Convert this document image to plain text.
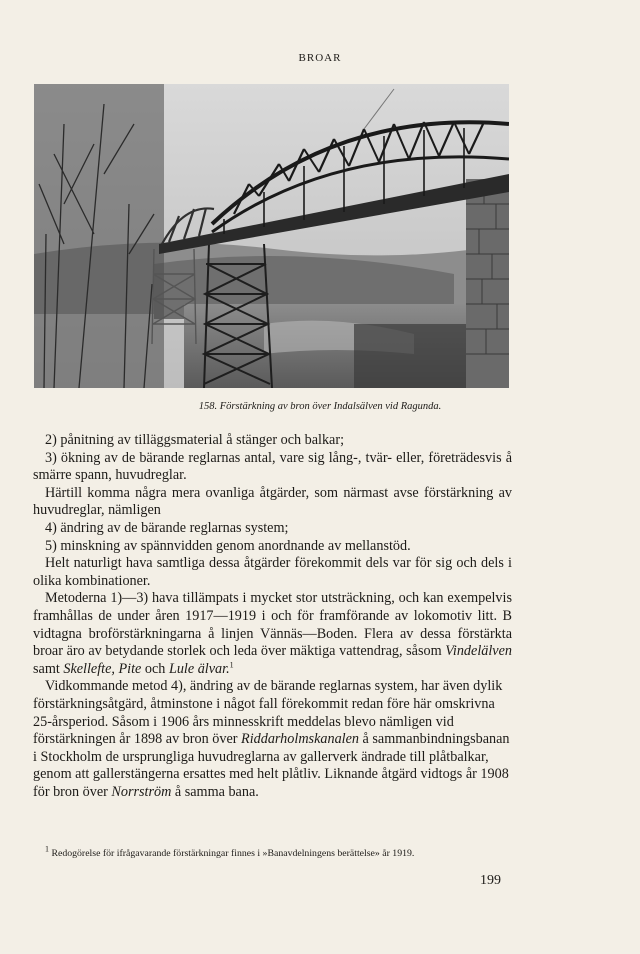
BROAR
158. Förstärkning av bron över Indalsälven vid Ragunda.

2) pånitning av tilläggsmaterial å stänger och balkar;

3) ökning av de bärande reglarnas antal, vare sig lång-, tvär- eller, företrädesvis å smärre spann, huvudreglar.

Härtill komma några mera ovanliga åtgärder, som närmast avse förstärkning av huvudreglar, nämligen

4) ändring av de bärande reglarnas system;

5) minskning av spännvidden genom anordnande av mellanstöd.

Helt naturligt hava samtliga dessa åtgärder förekommit dels var för sig och dels i olika kombinationer.

Metoderna 1)—3) hava tillämpats i mycket stor utsträckning, och kan exempelvis framhållas de under åren 1917—1919 i och för framförande av lokomotiv litt. B vidtagna broförstärkningarna å linjen Vännäs—Boden. Flera av dessa förstärkta broar äro av betydande storlek och leda över mäktiga vattendrag, såsom Vindelälven samt Skellefte, Pite och Lule älvar.$^1$

Vidkommande metod 4), ändring av de bärande reglarnas system, har även dylik förstärkningsåtgärd, åtminstone i något fall förekommit redan före här omskrivna 25-årsperiod. Såsom i 1906 års minnesskrift meddelas blevo nämligen vid förstärkningen år 1898 av bron över Riddarholmskanalen å sammanbindningsbanan i Stockholm de ursprungliga huvudreglarna av gallerverk ändrade till plåtbalkar, genom att gallerstängerna ersattes med helt plåtliv. Liknande åtgärd vidtogs år 1908 för bron över Norrström å samma bana.

$^1$ Redogörelse för ifrågavarande förstärkningar finnes i »Banavdelningens berättelse» år 1919.
199
